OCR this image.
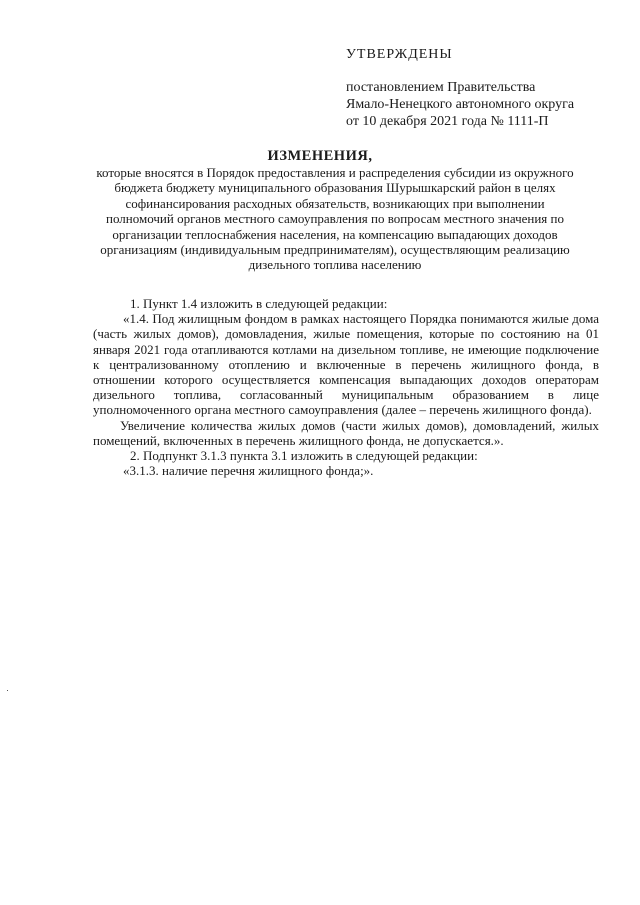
УТВЕРЖДЕНЫ
постановлением Правительства
Ямало-Ненецкого автономного округа
от 10 декабря 2021 года № 1111-П
ИЗМЕНЕНИЯ,
которые вносятся в Порядок предоставления и распределения субсидии из окружного бюджета бюджету муниципального образования Шурышкарский район в целях софинансирования расходных обязательств, возникающих при выполнении полномочий органов местного самоуправления по вопросам местного значения по организации теплоснабжения населения, на компенсацию выпадающих доходов организациям (индивидуальным предпринимателям), осуществляющим реализацию дизельного топлива населению

1. Пункт 1.4 изложить в следующей редакции:

«1.4. Под жилищным фондом в рамках настоящего Порядка понимаются жилые дома (часть жилых домов), домовладения, жилые помещения, которые по состоянию на 01 января 2021 года отапливаются котлами на дизельном топливе, не имеющие подключение к централизованному отоплению и включенные в перечень жилищного фонда, в отношении которого осуществляется компенсация выпадающих доходов операторам дизельного топлива, согласованный муниципальным образованием в лице уполномоченного органа местного самоуправления (далее – перечень жилищного фонда).

Увеличение количества жилых домов (части жилых домов), домовладений, жилых помещений, включенных в перечень жилищного фонда, не допускается.».

2. Подпункт 3.1.3 пункта 3.1 изложить в следующей редакции:

«3.1.3. наличие перечня жилищного фонда;».
